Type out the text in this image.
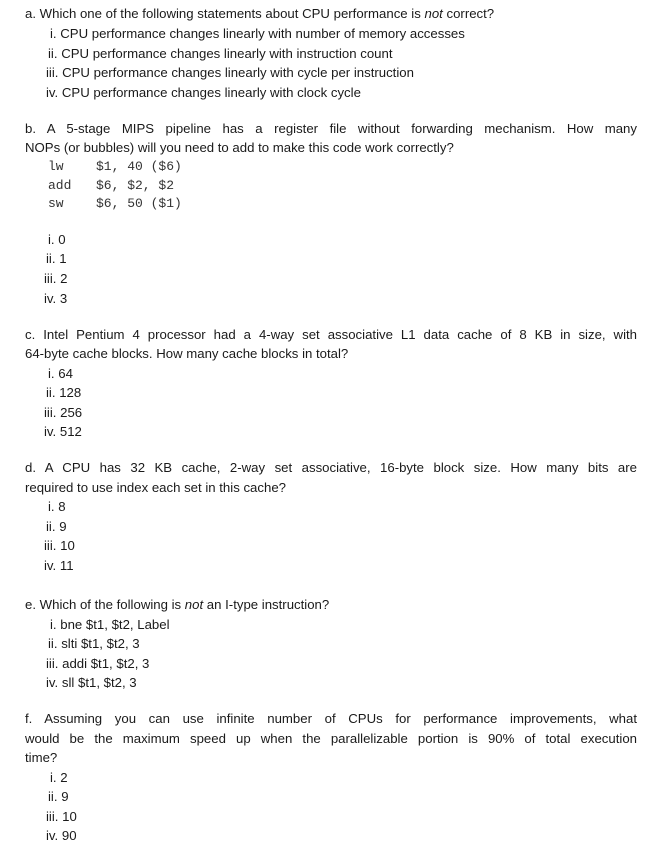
a. Which one of the following statements about CPU performance is not correct?
i. CPU performance changes linearly with number of memory accesses
ii. CPU performance changes linearly with instruction count
iii. CPU performance changes linearly with cycle per instruction
iv. CPU performance changes linearly with clock cycle
b. A 5-stage MIPS pipeline has a register file without forwarding mechanism. How many
NOPs (or bubbles) will you need to add to make this code work correctly?
lw $1, 40 ($6)
add $6, $2, $2
sw $6, 50 ($1)
i. 0
ii. 1
iii. 2
iv. 3
c. Intel Pentium 4 processor had a 4-way set associative L1 data cache of 8 KB in size, with
64-byte cache blocks. How many cache blocks in total?
i. 64
ii. 128
iii. 256
iv. 512
d. A CPU has 32 KB cache, 2-way set associative, 16-byte block size. How many bits are
required to use index each set in this cache?
i. 8
ii. 9
iii. 10
iv. 11
e. Which of the following is not an I-type instruction?
i. bne $t1, $t2, Label
ii. slti $t1, $t2, 3
iii. addi $t1, $t2, 3
iv. sll $t1, $t2, 3
f. Assuming you can use infinite number of CPUs for performance improvements, what
would be the maximum speed up when the parallelizable portion is 90% of total execution
time?
i. 2
ii. 9
iii. 10
iv. 90
